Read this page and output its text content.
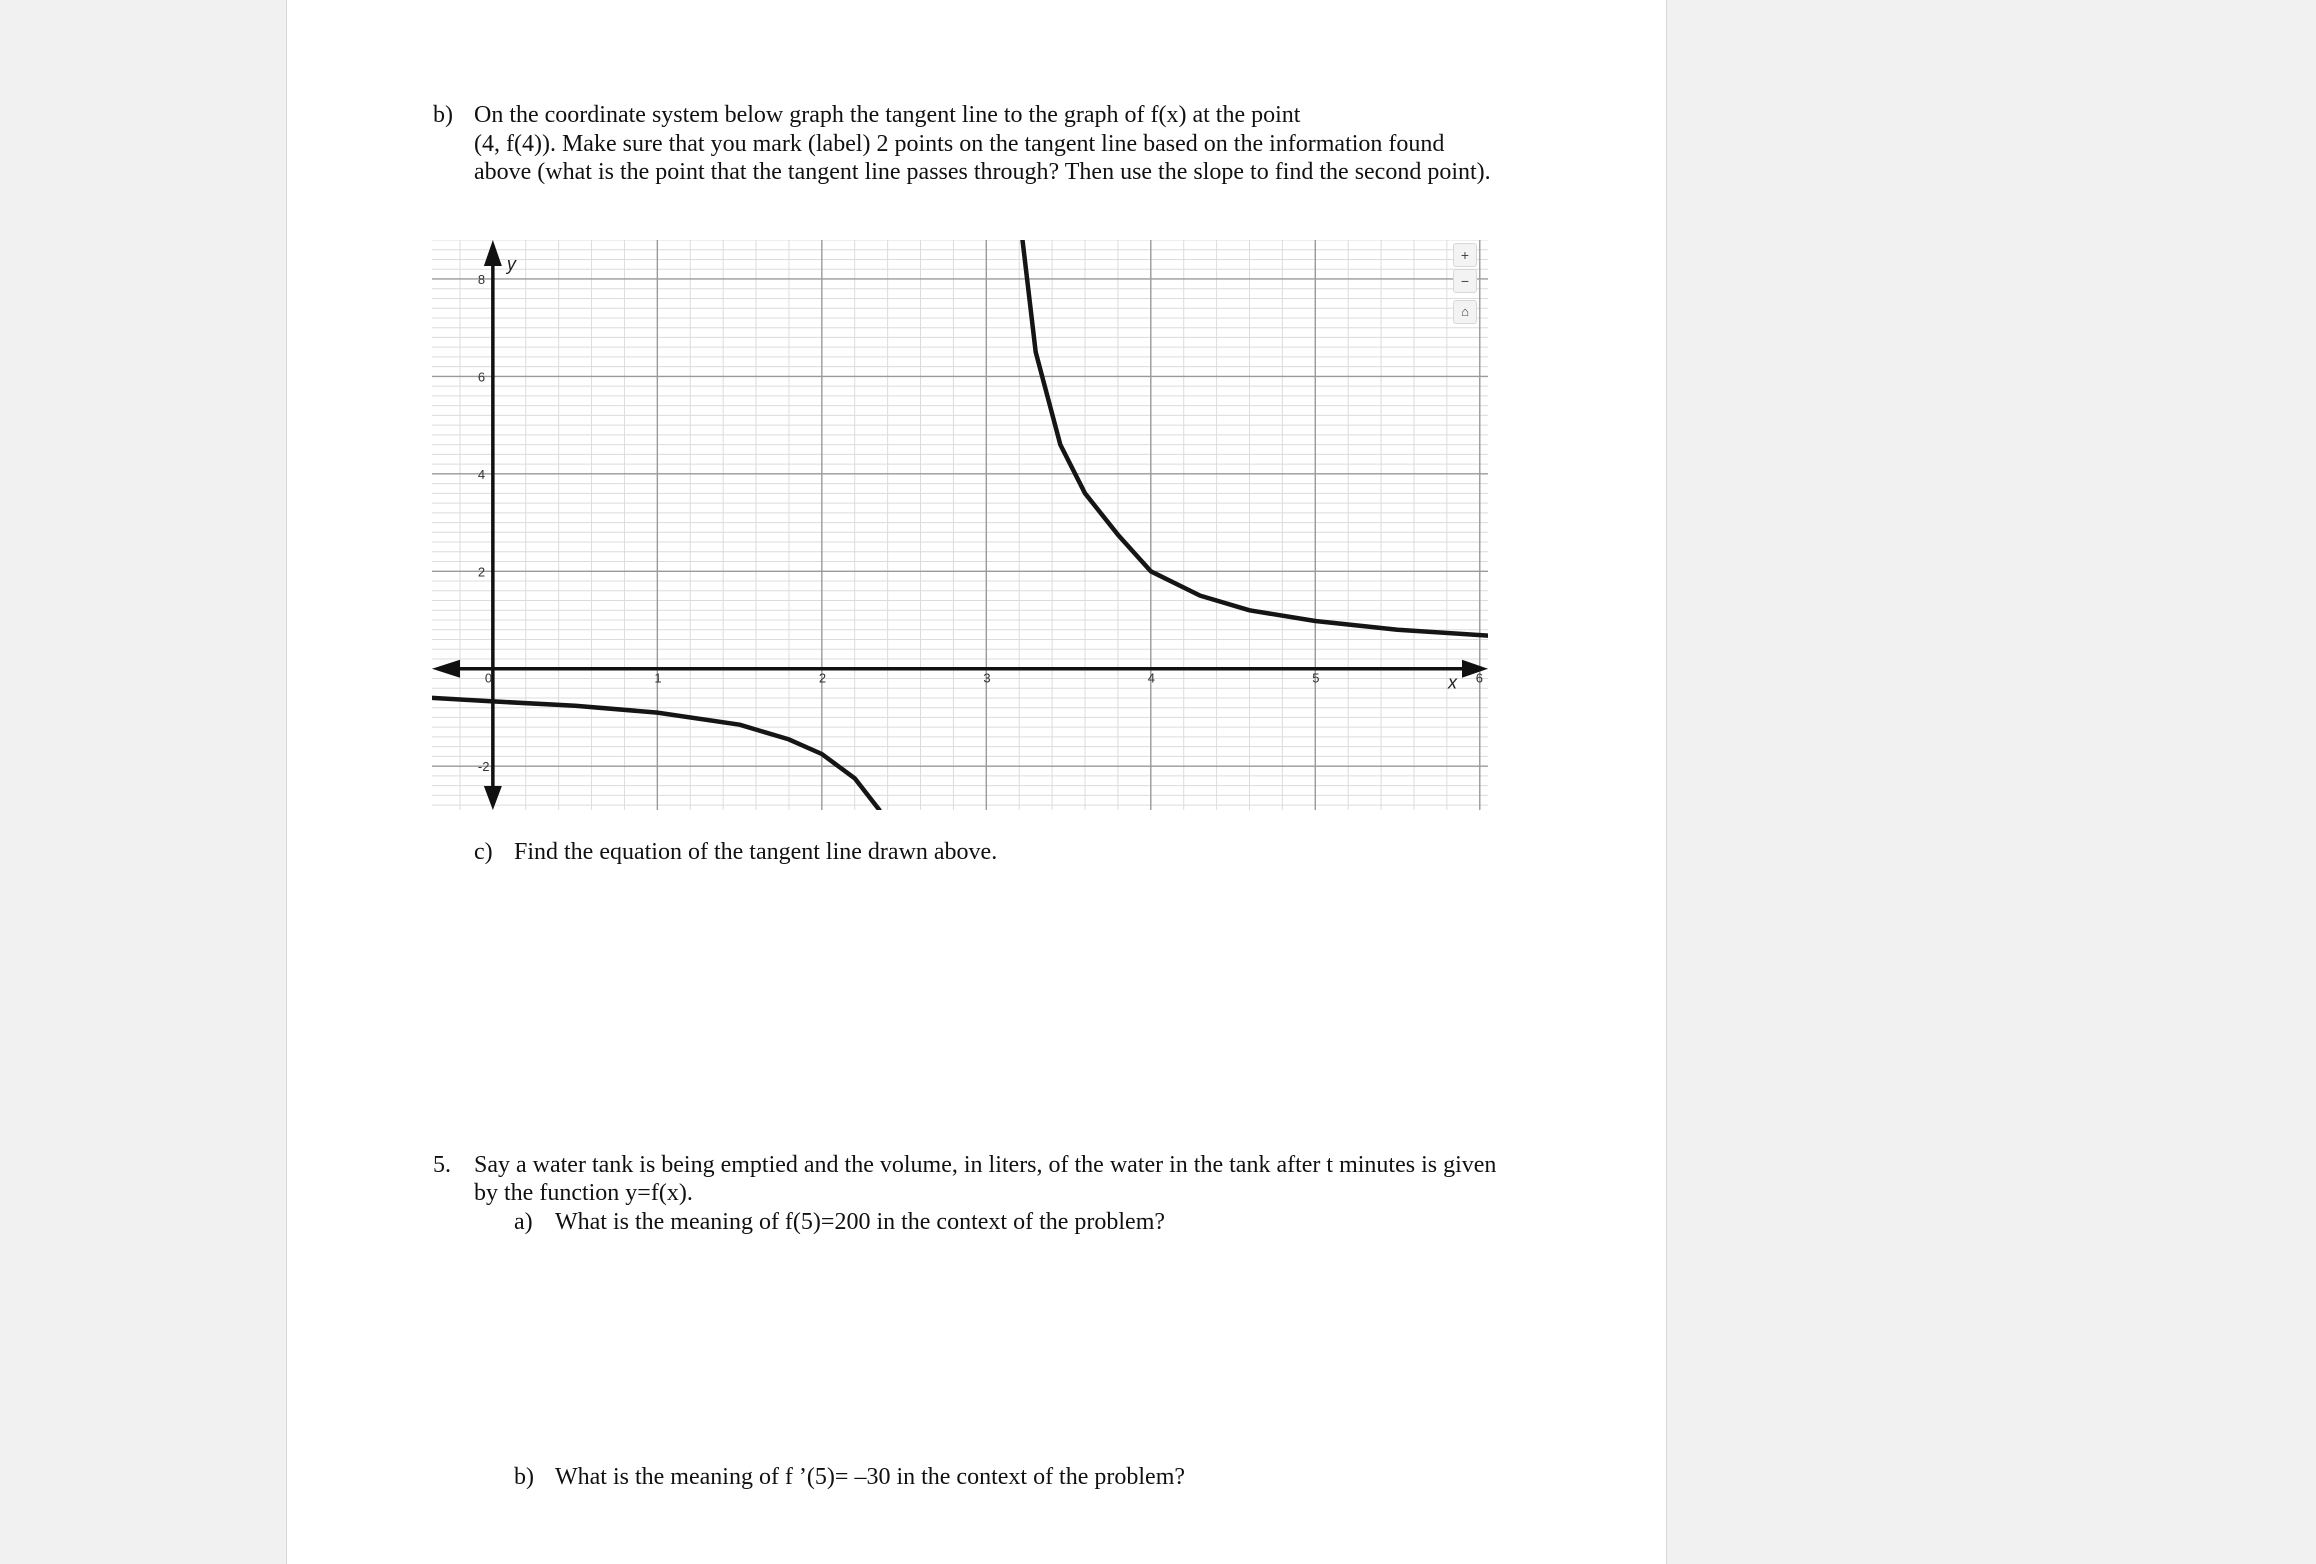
b) On the coordinate system below graph the tangent line to the graph of f(x) at the point
(4, f(4)). Make sure that you mark (label) 2 points on the tangent line based on the information found
above (what is the point that the tangent line passes through? Then use the slope to find the second point).
c) Find the equation of the tangent line drawn above.
5. Say a water tank is being emptied and the volume, in liters, of the water in the tank after t minutes is given
by the function y=f(x).
a) What is the meaning of f(5)=200 in the context of the problem?
b) What is the meaning of f ’(5)= –30 in the context of the problem?
0	1	2	3	4	5	6
-2
2
4
6
8
x
y	+
−
⌂
